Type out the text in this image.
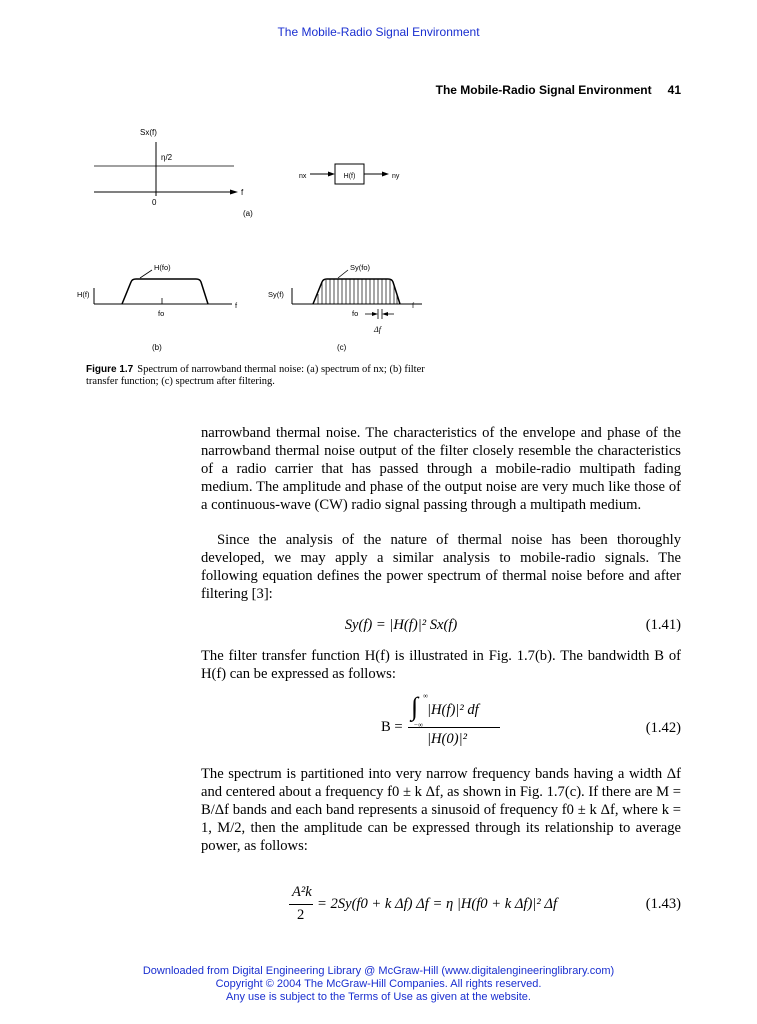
The Mobile-Radio Signal Environment
The Mobile-Radio Signal Environment 41
Sx(f)
η/2
f
0
nx	H(f)	ny
(a)
H(f)
H(fo)
fo
f
(b)
Sy(f)
Sy(fo)
fo
Δf
f
(c)
Figure 1.7 Spectrum of narrowband thermal noise: (a) spectrum of nx; (b) filter transfer function; (c) spectrum after filtering.
narrowband thermal noise. The characteristics of the envelope and phase of the narrowband thermal noise output of the filter closely resemble the characteristics of a radio carrier that has passed through a mobile-radio multipath fading medium. The amplitude and phase of the output noise are very much like those of a continuous-wave (CW) radio signal passing through a multipath medium.
Since the analysis of the nature of thermal noise has been thoroughly developed, we may apply a similar analysis to mobile-radio signals. The following equation defines the power spectrum of thermal noise before and after filtering [3]:
Sy(f) = |H(f)|² Sx(f)	(1.41)
The filter transfer function H(f) is illustrated in Fig. 1.7(b). The bandwidth B of H(f) can be expressed as follows:
B =
∫ ∞
−∞
|H(f)|² df
|H(0)|²
(1.42)
The spectrum is partitioned into very narrow frequency bands having a width Δf and centered about a frequency f0 ± k Δf, as shown in Fig. 1.7(c). If there are M = B/Δf bands and each band represents a sinusoid of frequency f0 ± k Δf, where k = 1, M/2, then the amplitude can be expressed through its relationship to average power, as follows:
A²k
2
= 2Sy(f0 + k Δf) Δf = η |H(f0 + k Δf)|² Δf	(1.43)
Downloaded from Digital Engineering Library @ McGraw-Hill (www.digitalengineeringlibrary.com)
Copyright © 2004 The McGraw-Hill Companies. All rights reserved.
Any use is subject to the Terms of Use as given at the website.
